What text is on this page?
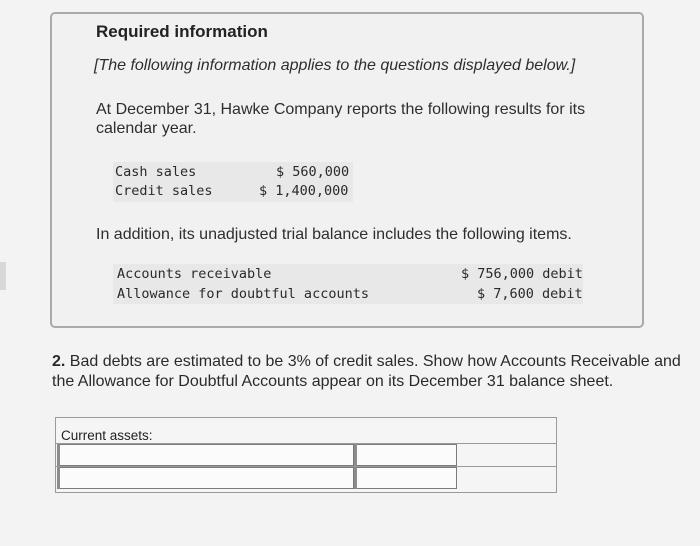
Required information
[The following information applies to the questions displayed below.]
At December 31, Hawke Company reports the following results for its calendar year.
Cash sales	$ 560,000
Credit sales	$ 1,400,000
In addition, its unadjusted trial balance includes the following items.
Accounts receivable	$ 756,000 debit
Allowance for doubtful accounts	$ 7,600 debit
2. Bad debts are estimated to be 3% of credit sales. Show how Accounts Receivable and the Allowance for Doubtful Accounts appear on its December 31 balance sheet.
Current assets:
